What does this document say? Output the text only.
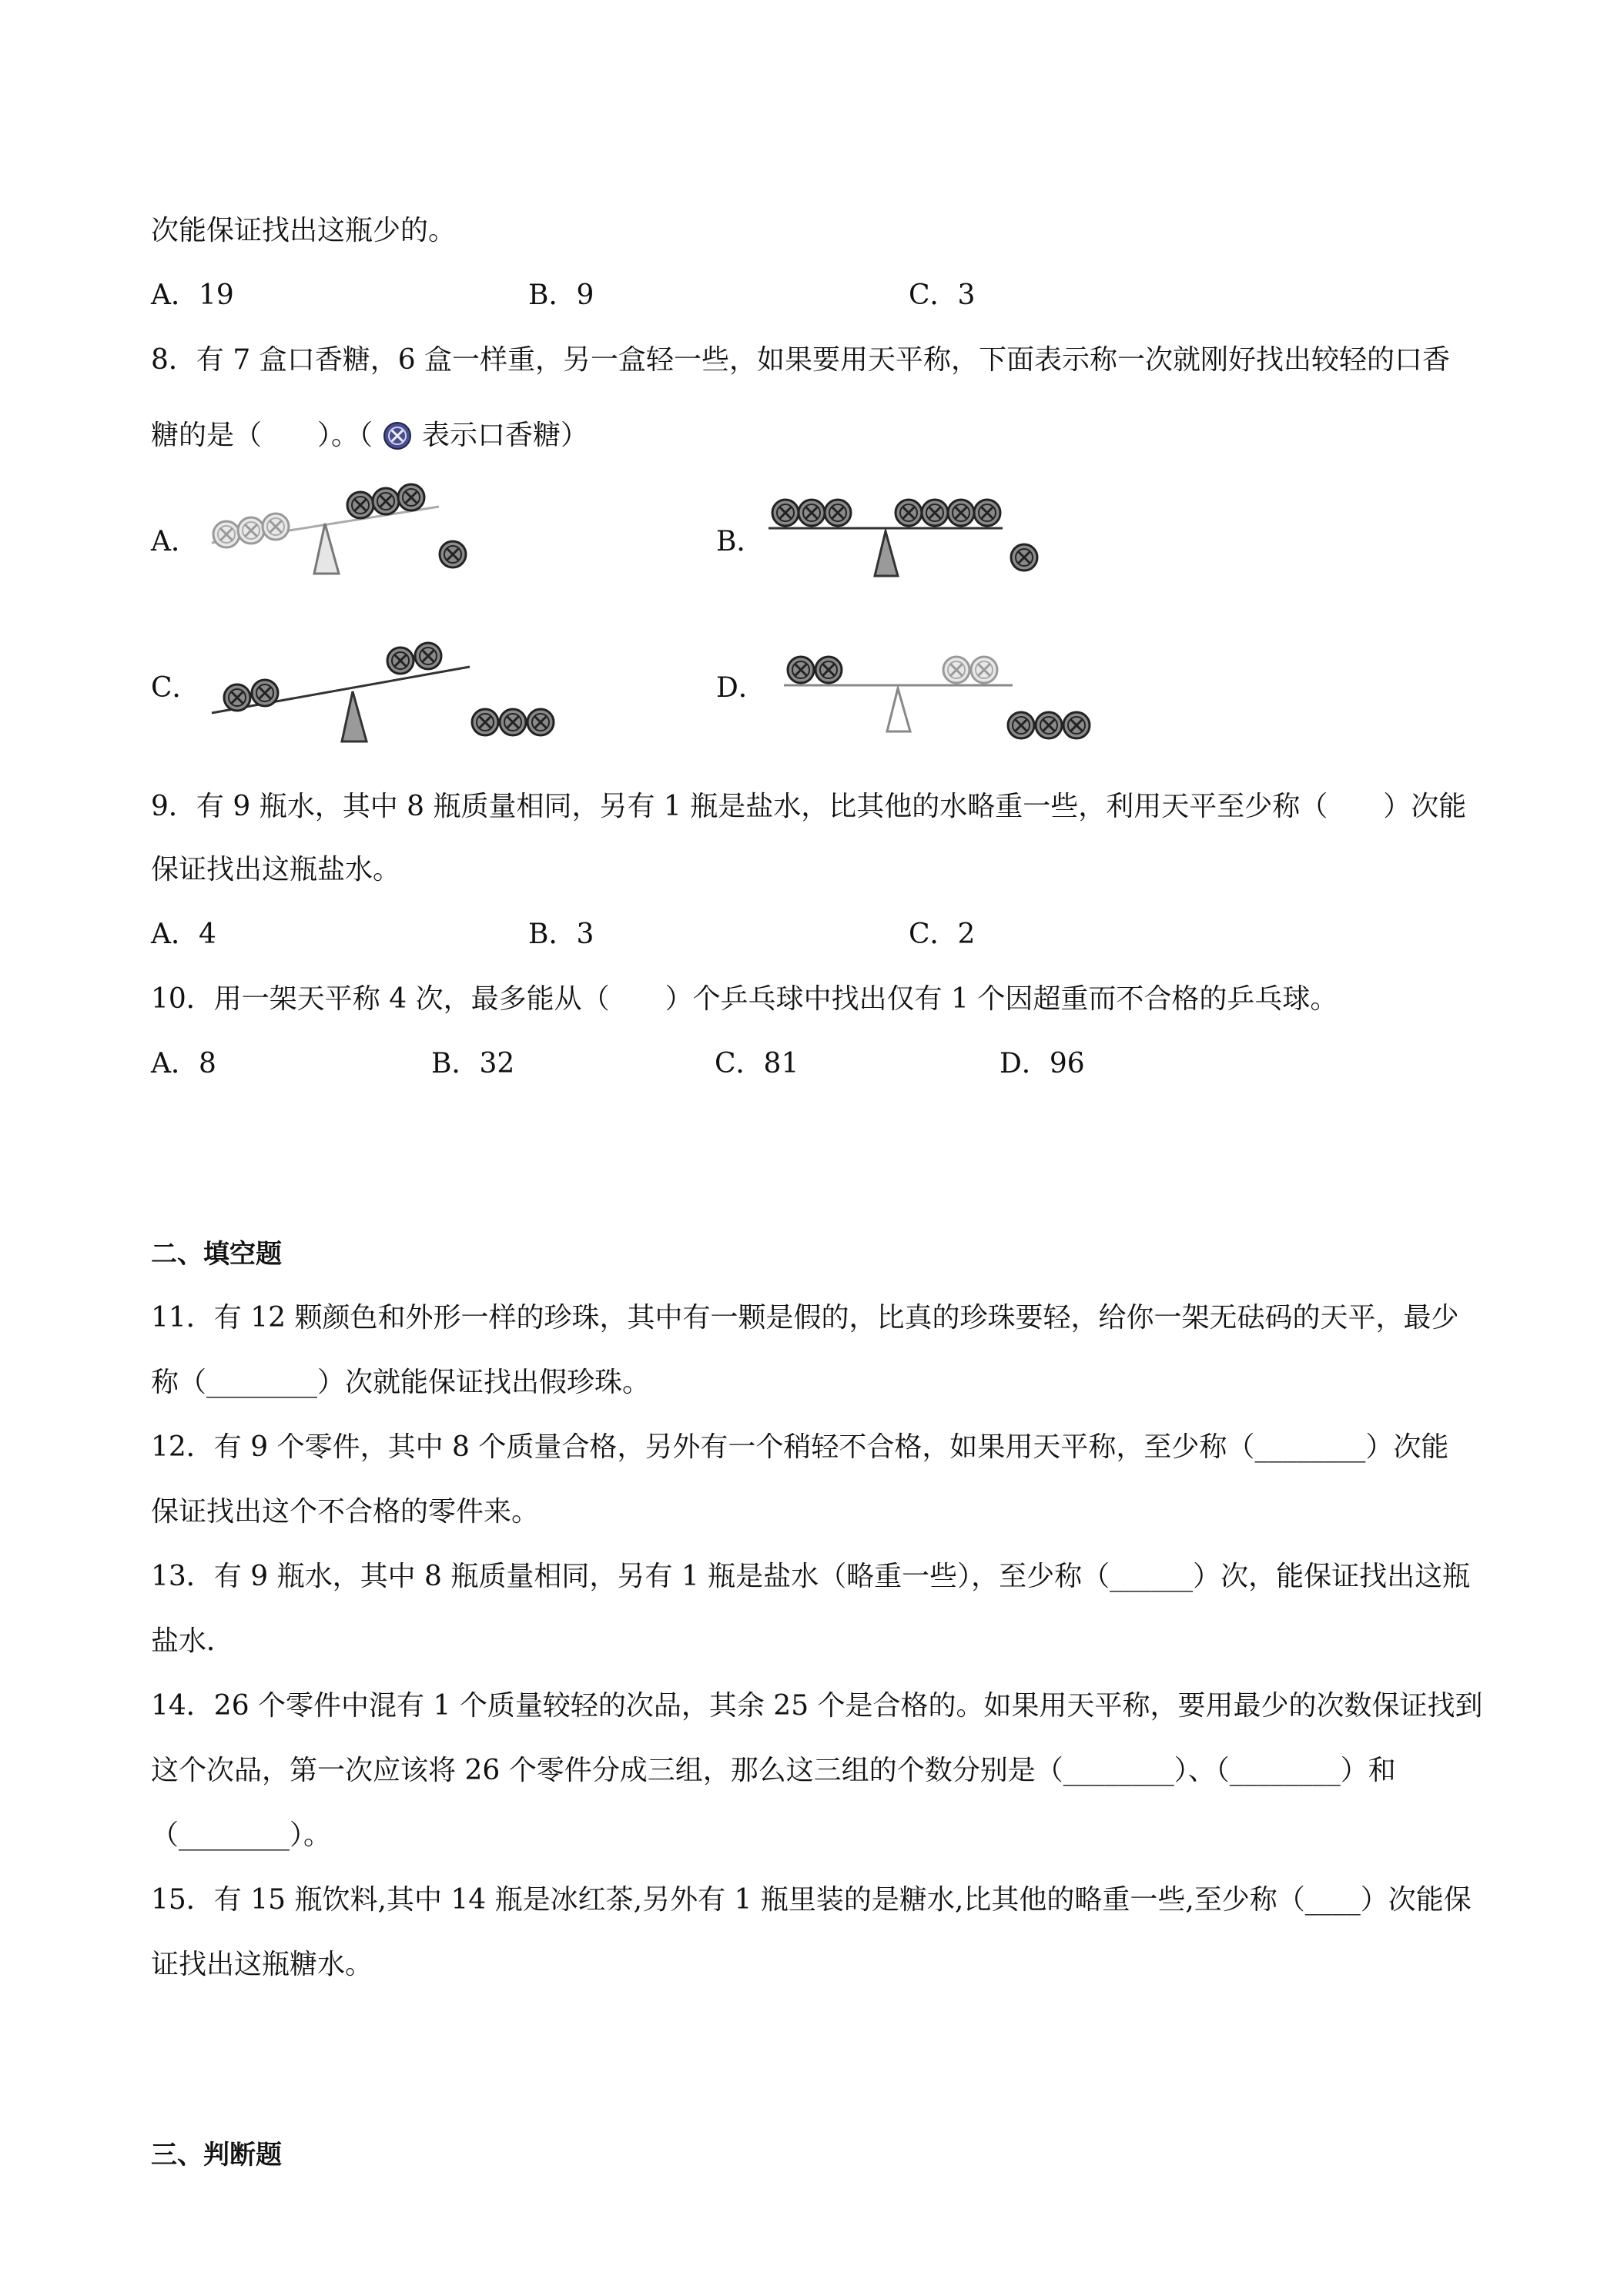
次能保证找出这瓶少的。
A．19	B．9	C．3
8．有 7 盒口香糖，6 盒一样重，另一盒轻一些，如果要用天平称，下面表示称一次就刚好找出较轻的口香
糖的是（　　）。（ 表示口香糖）
A．	B．
C．	D．
9．有 9 瓶水，其中 8 瓶质量相同，另有 1 瓶是盐水，比其他的水略重一些，利用天平至少称（　　）次能
保证找出这瓶盐水。
A．4	B．3	C．2
10．用一架天平称 4 次，最多能从（　　）个乒乓球中找出仅有 1 个因超重而不合格的乒乓球。
A．8	B．32	C．81	D．96
二、填空题
11．有 12 颗颜色和外形一样的珍珠，其中有一颗是假的，比真的珍珠要轻，给你一架无砝码的天平，最少
称（________）次就能保证找出假珍珠。
12．有 9 个零件，其中 8 个质量合格，另外有一个稍轻不合格，如果用天平称，至少称（________）次能
保证找出这个不合格的零件来。
13．有 9 瓶水，其中 8 瓶质量相同，另有 1 瓶是盐水（略重一些），至少称（______）次，能保证找出这瓶
盐水．
14．26 个零件中混有 1 个质量较轻的次品，其余 25 个是合格的。如果用天平称，要用最少的次数保证找到
这个次品，第一次应该将 26 个零件分成三组，那么这三组的个数分别是（________）、（________）和
（________）。
15．有 15 瓶饮料,其中 14 瓶是冰红茶,另外有 1 瓶里装的是糖水,比其他的略重一些,至少称（____）次能保
证找出这瓶糖水。
三、判断题
